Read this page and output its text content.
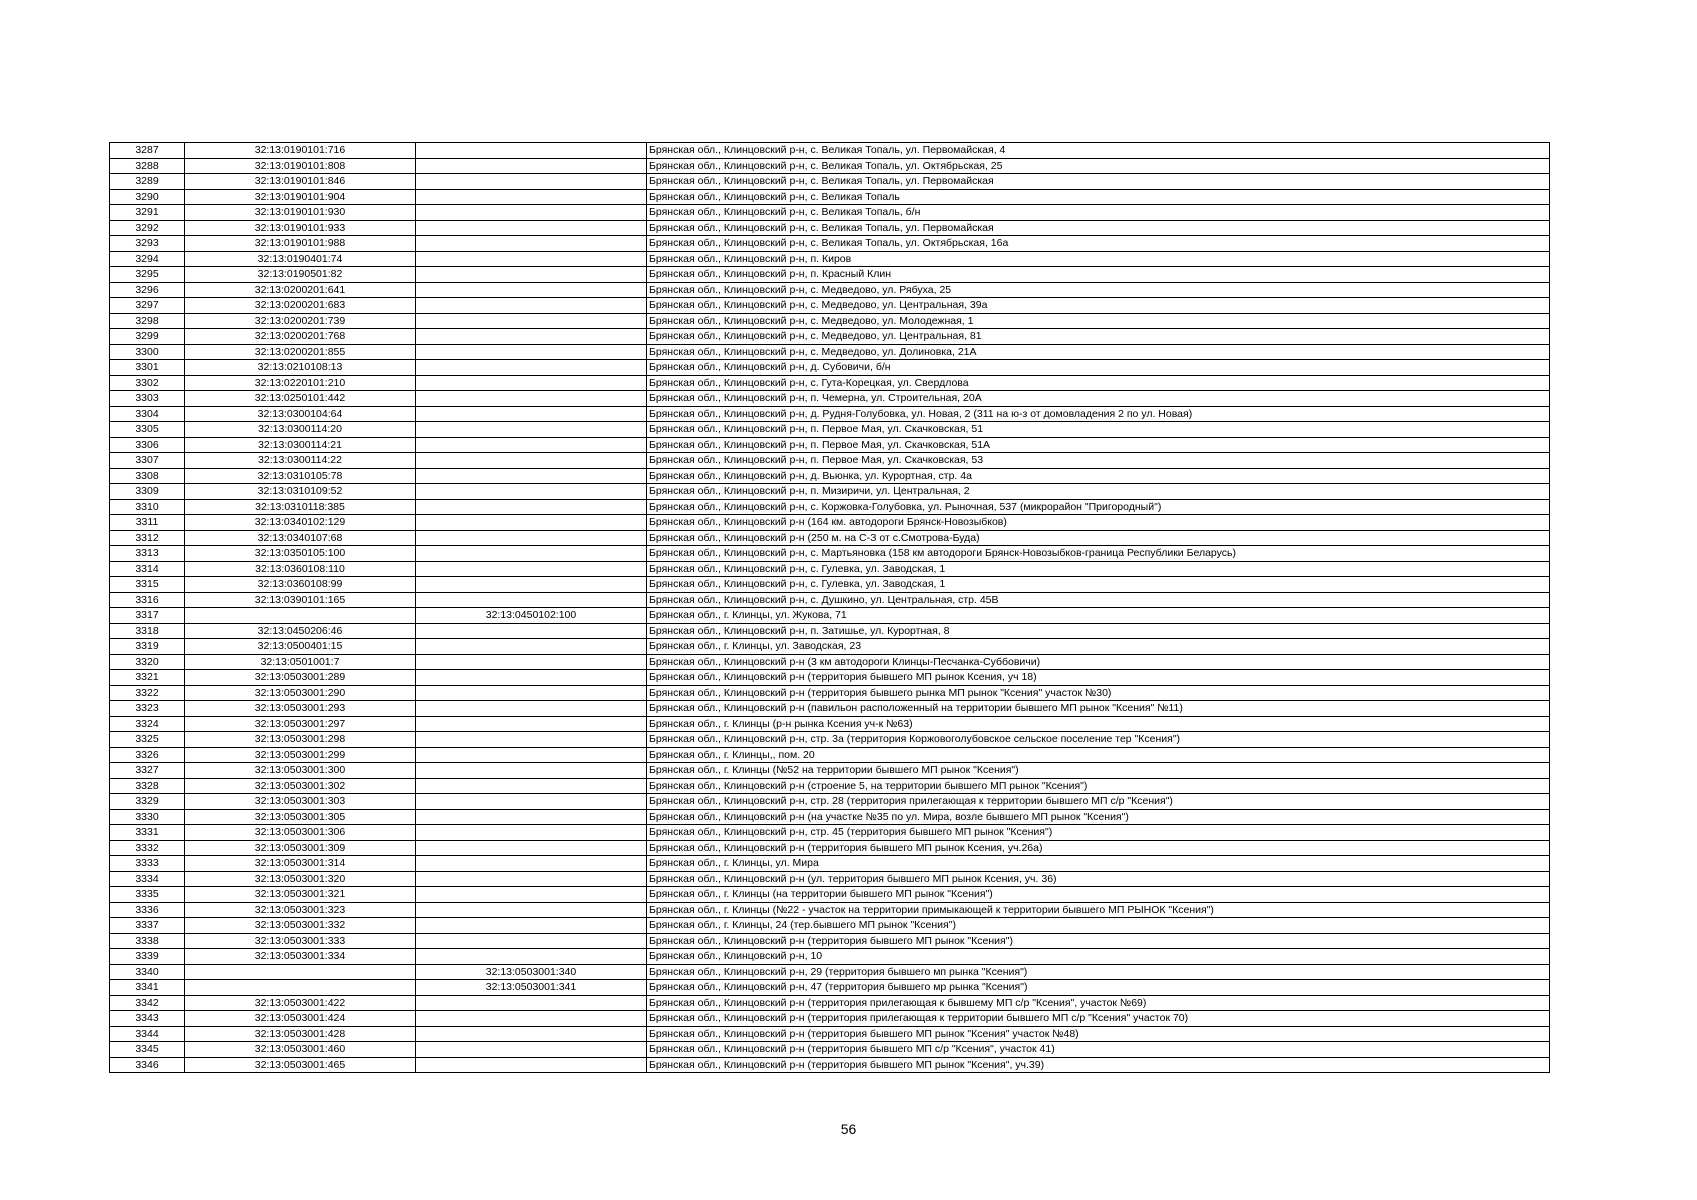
3287	32:13:0190101:716		Брянская обл., Клинцовский р-н, с. Великая Топаль, ул. Первомайская, 4
3288	32:13:0190101:808		Брянская обл., Клинцовский р-н, с. Великая Топаль, ул. Октябрьская, 25
3289	32:13:0190101:846		Брянская обл., Клинцовский р-н, с. Великая Топаль, ул. Первомайская
3290	32:13:0190101:904		Брянская обл., Клинцовский р-н, с. Великая Топаль
3291	32:13:0190101:930		Брянская обл., Клинцовский р-н, с. Великая Топаль, б/н
3292	32:13:0190101:933		Брянская обл., Клинцовский р-н, с. Великая Топаль, ул. Первомайская
3293	32:13:0190101:988		Брянская обл., Клинцовский р-н, с. Великая Топаль, ул. Октябрьская, 16а
3294	32:13:0190401:74		Брянская обл., Клинцовский р-н, п. Киров
3295	32:13:0190501:82		Брянская обл., Клинцовский р-н, п. Красный Клин
3296	32:13:0200201:641		Брянская обл., Клинцовский р-н, с. Медведово, ул. Рябуха, 25
3297	32:13:0200201:683		Брянская обл., Клинцовский р-н, с. Медведово, ул. Центральная, 39а
3298	32:13:0200201:739		Брянская обл., Клинцовский р-н, с. Медведово, ул. Молодежная, 1
3299	32:13:0200201:768		Брянская обл., Клинцовский р-н, с. Медведово, ул. Центральная, 81
3300	32:13:0200201:855		Брянская обл., Клинцовский р-н, с. Медведово, ул. Долиновка, 21А
3301	32:13:0210108:13		Брянская обл., Клинцовский р-н, д. Субовичи, б/н
3302	32:13:0220101:210		Брянская обл., Клинцовский р-н, с. Гута-Корецкая, ул. Свердлова
3303	32:13:0250101:442		Брянская обл., Клинцовский р-н, п. Чемерна, ул. Строительная, 20А
3304	32:13:0300104:64		Брянская обл., Клинцовский р-н, д. Рудня-Голубовка, ул. Новая, 2 (311 на ю-з от домовладения 2 по ул. Новая)
3305	32:13:0300114:20		Брянская обл., Клинцовский р-н, п. Первое Мая, ул. Скачковская, 51
3306	32:13:0300114:21		Брянская обл., Клинцовский р-н, п. Первое Мая, ул. Скачковская, 51А
3307	32:13:0300114:22		Брянская обл., Клинцовский р-н, п. Первое Мая, ул. Скачковская, 53
3308	32:13:0310105:78		Брянская обл., Клинцовский р-н, д. Вьюнка, ул. Курортная, стр. 4а
3309	32:13:0310109:52		Брянская обл., Клинцовский р-н, п. Мизиричи, ул. Центральная, 2
3310	32:13:0310118:385		Брянская обл., Клинцовский р-н, с. Коржовка-Голубовка, ул. Рыночная, 537 (микрорайон "Пригородный")
3311	32:13:0340102:129		Брянская обл., Клинцовский р-н (164 км. автодороги Брянск-Новозыбков)
3312	32:13:0340107:68		Брянская обл., Клинцовский р-н (250 м. на С-З от с.Смотрова-Буда)
3313	32:13:0350105:100		Брянская обл., Клинцовский р-н, с. Мартьяновка (158 км автодороги Брянск-Новозыбков-граница Республики Беларусь)
3314	32:13:0360108:110		Брянская обл., Клинцовский р-н, с. Гулевка, ул. Заводская, 1
3315	32:13:0360108:99		Брянская обл., Клинцовский р-н, с. Гулевка, ул. Заводская, 1
3316	32:13:0390101:165		Брянская обл., Клинцовский р-н, с. Душкино, ул. Центральная, стр. 45В
3317		32:13:0450102:100	Брянская обл., г. Клинцы, ул. Жукова, 71
3318	32:13:0450206:46		Брянская обл., Клинцовский р-н, п. Затишье, ул. Курортная, 8
3319	32:13:0500401:15		Брянская обл., г. Клинцы, ул. Заводская, 23
3320	32:13:0501001:7		Брянская обл., Клинцовский р-н (3 км автодороги Клинцы-Песчанка-Суббовичи)
3321	32:13:0503001:289		Брянская обл., Клинцовский р-н (территория бывшего МП рынок Ксения, уч 18)
3322	32:13:0503001:290		Брянская обл., Клинцовский р-н (территория бывшего рынка МП рынок "Ксения" участок №30)
3323	32:13:0503001:293		Брянская обл., Клинцовский р-н (павильон расположенный на территории бывшего МП рынок "Ксения" №11)
3324	32:13:0503001:297		Брянская обл., г. Клинцы (р-н рынка Ксения уч-к №63)
3325	32:13:0503001:298		Брянская обл., Клинцовский р-н, стр. 3а (территория Коржовоголубовское сельское поселение тер "Ксения")
3326	32:13:0503001:299		Брянская обл., г. Клинцы,, пом. 20
3327	32:13:0503001:300		Брянская обл., г. Клинцы (№52 на территории бывшего МП рынок "Ксения")
3328	32:13:0503001:302		Брянская обл., Клинцовский р-н (строение 5, на территории бывшего МП рынок "Ксения")
3329	32:13:0503001:303		Брянская обл., Клинцовский р-н, стр. 28 (территория прилегающая к территории бывшего МП с/р "Ксения")
3330	32:13:0503001:305		Брянская обл., Клинцовский р-н (на участке №35 по ул. Мира, возле бывшего МП рынок "Ксения")
3331	32:13:0503001:306		Брянская обл., Клинцовский р-н, стр. 45 (территория бывшего МП рынок "Ксения")
3332	32:13:0503001:309		Брянская обл., Клинцовский р-н (территория бывшего МП рынок Ксения, уч.26а)
3333	32:13:0503001:314		Брянская обл., г. Клинцы, ул. Мира
3334	32:13:0503001:320		Брянская обл., Клинцовский р-н (ул. территория бывшего МП рынок Ксения, уч. 36)
3335	32:13:0503001:321		Брянская обл., г. Клинцы (на территории бывшего МП рынок "Ксения")
3336	32:13:0503001:323		Брянская обл., г. Клинцы (№22 - участок на территории примыкающей к территории бывшего МП РЫНОК "Ксения")
3337	32:13:0503001:332		Брянская обл., г. Клинцы, 24 (тер.бывшего МП рынок "Ксения")
3338	32:13:0503001:333		Брянская обл., Клинцовский р-н (территория бывшего МП рынок "Ксения")
3339	32:13:0503001:334		Брянская обл., Клинцовский р-н, 10
3340		32:13:0503001:340	Брянская обл., Клинцовский р-н, 29 (территория бывшего мп рынка "Ксения")
3341		32:13:0503001:341	Брянская обл., Клинцовский р-н, 47 (территория бывшего мр рынка "Ксения")
3342	32:13:0503001:422		Брянская обл., Клинцовский р-н (территория прилегающая к бывшему МП с/р "Ксения", участок №69)
3343	32:13:0503001:424		Брянская обл., Клинцовский р-н (территория прилегающая к территории бывшего МП с/р "Ксения" участок 70)
3344	32:13:0503001:428		Брянская обл., Клинцовский р-н (территория бывшего МП рынок "Ксения" участок №48)
3345	32:13:0503001:460		Брянская обл., Клинцовский р-н (территория бывшего МП с/р "Ксения", участок 41)
3346	32:13:0503001:465		Брянская обл., Клинцовский р-н (территория бывшего МП рынок "Ксения", уч.39)
56
